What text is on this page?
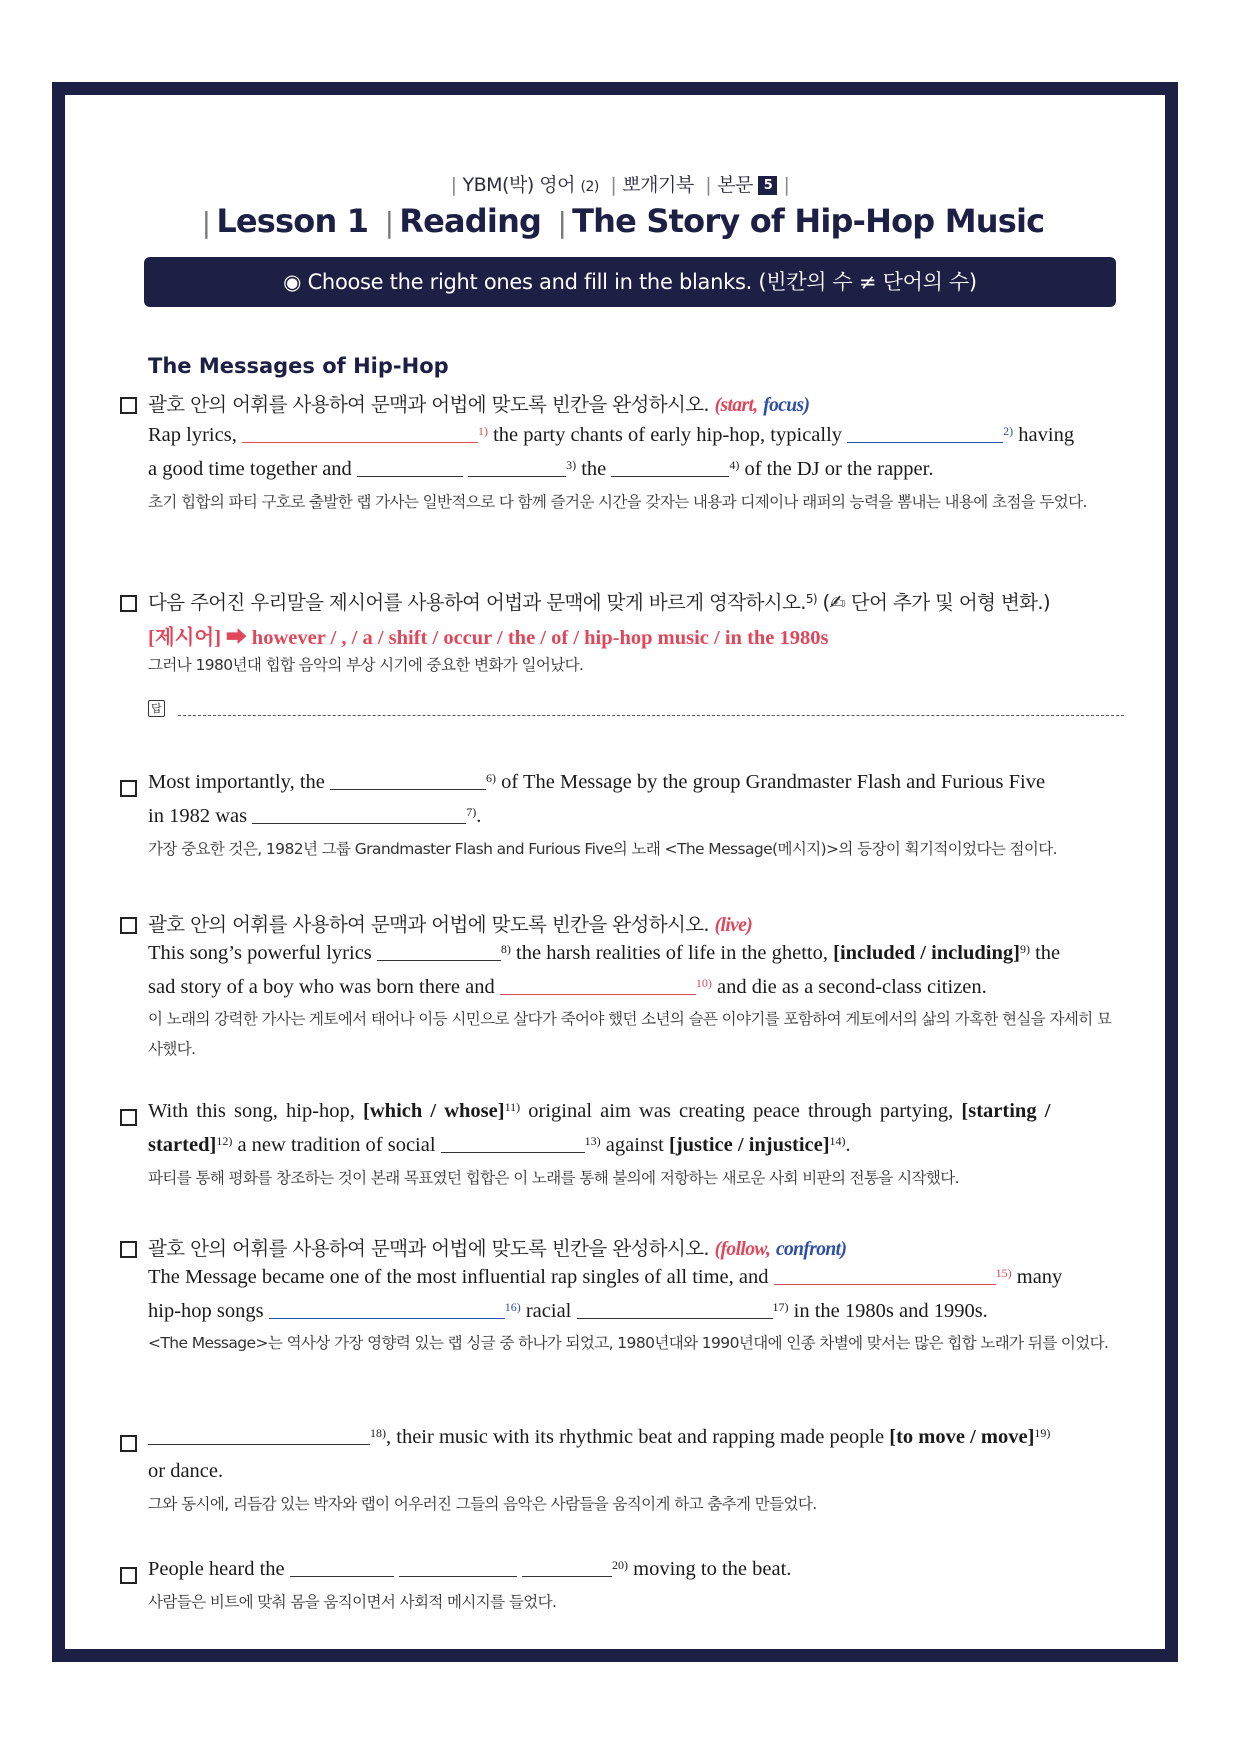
| YBM(박) 영어 (2) | 뽀개기북 | 본문 5 |
| Lesson 1 | Reading | The Story of Hip-Hop Music
◉ Choose the right ones and fill in the blanks. (빈칸의 수 ≠ 단어의 수)
The Messages of Hip-Hop
괄호 안의 어휘를 사용하여 문맥과 어법에 맞도록 빈칸을 완성하시오. (start, focus)
Rap lyrics,	$^{1)}$ the party chants of early hip-hop, typically	$^{2)}$ having
a good time together and	$^{3)}$ the	$^{4)}$ of the DJ or the rapper.
초기 힙합의 파티 구호로 출발한 랩 가사는 일반적으로 다 함께 즐거운 시간을 갖자는 내용과 디제이나 래퍼의 능력을 뽐내는 내용에 초점을 두었다.
다음 주어진 우리말을 제시어를 사용하여 어법과 문맥에 맞게 바르게 영작하시오.$^{5)}$ (✍ 단어 추가 및 어형 변화.)
[제시어] ➡ however / , / a / shift / occur / the / of / hip-hop music / in the 1980s
그러나 1980년대 힙합 음악의 부상 시기에 중요한 변화가 일어났다.
답
Most importantly, the	$^{6)}$ of The Message by the group Grandmaster Flash and Furious Five
in 1982 was	$^{7)}$.
가장 중요한 것은, 1982년 그룹 Grandmaster Flash and Furious Five의 노래 <The Message(메시지)>의 등장이 획기적이었다는 점이다.
괄호 안의 어휘를 사용하여 문맥과 어법에 맞도록 빈칸을 완성하시오. (live)
This song’s powerful lyrics	$^{8)}$ the harsh realities of life in the ghetto, [included / including]$^{9)}$ the
sad story of a boy who was born there and	$^{10)}$ and die as a second-class citizen.
이 노래의 강력한 가사는 게토에서 태어나 이등 시민으로 살다가 죽어야 했던 소년의 슬픈 이야기를 포함하여 게토에서의 삶의 가혹한 현실을 자세히 묘사했다.
With this song, hip-hop, [which / whose]$^{11)}$ original aim was creating peace through partying, [starting /
started]$^{12)}$ a new tradition of social	$^{13)}$ against [justice / injustice]$^{14)}$.
파티를 통해 평화를 창조하는 것이 본래 목표였던 힙합은 이 노래를 통해 불의에 저항하는 새로운 사회 비판의 전통을 시작했다.
괄호 안의 어휘를 사용하여 문맥과 어법에 맞도록 빈칸을 완성하시오. (follow, confront)
The Message became one of the most influential rap singles of all time, and	$^{15)}$ many
hip-hop songs	$^{16)}$ racial	$^{17)}$ in the 1980s and 1990s.
<The Message>는 역사상 가장 영향력 있는 랩 싱글 중 하나가 되었고, 1980년대와 1990년대에 인종 차별에 맞서는 많은 힙합 노래가 뒤를 이었다.
$^{18)}$, their music with its rhythmic beat and rapping made people [to move / move]$^{19)}$
or dance.
그와 동시에, 리듬감 있는 박자와 랩이 어우러진 그들의 음악은 사람들을 움직이게 하고 춤추게 만들었다.
People heard the	$^{20)}$ moving to the beat.
사람들은 비트에 맞춰 몸을 움직이면서 사회적 메시지를 들었다.
